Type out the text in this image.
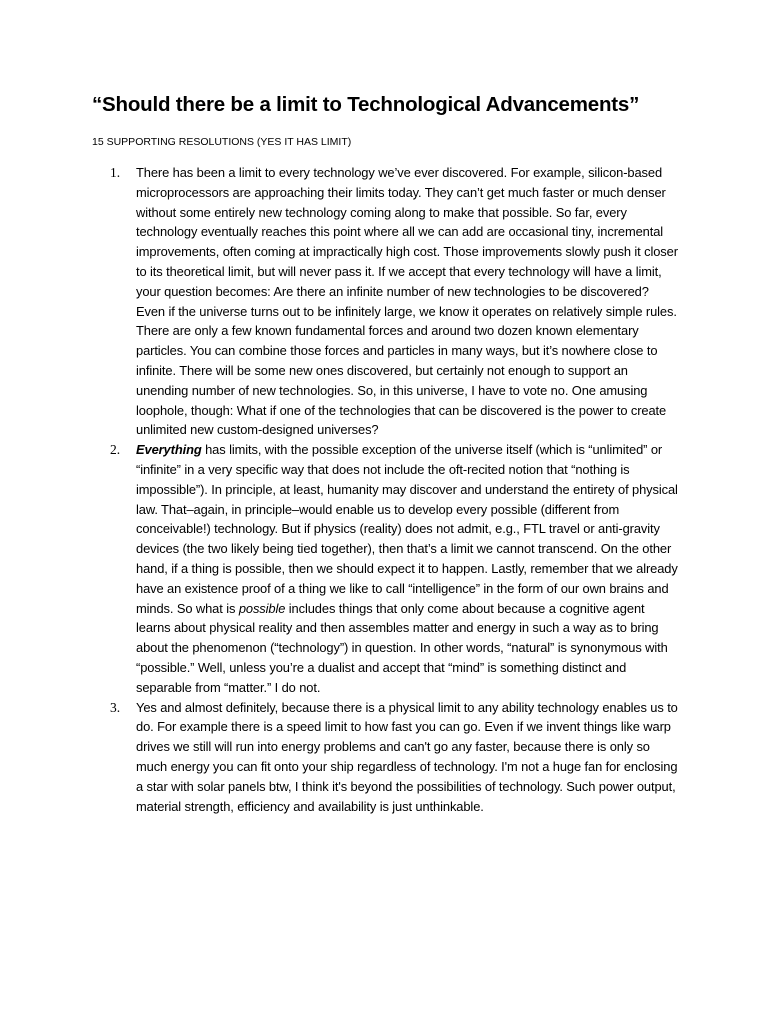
“Should there be a limit to Technological Advancements”

15 SUPPORTING RESOLUTIONS (YES IT HAS LIMIT)

1. There has been a limit to every technology we’ve ever discovered. For example, silicon-based microprocessors are approaching their limits today. They can’t get much faster or much denser without some entirely new technology coming along to make that possible. So far, every technology eventually reaches this point where all we can add are occasional tiny, incremental improvements, often coming at impractically high cost. Those improvements slowly push it closer to its theoretical limit, but will never pass it. If we accept that every technology will have a limit, your question becomes: Are there an infinite number of new technologies to be discovered? Even if the universe turns out to be infinitely large, we know it operates on relatively simple rules. There are only a few known fundamental forces and around two dozen known elementary particles. You can combine those forces and particles in many ways, but it’s nowhere close to infinite. There will be some new ones discovered, but certainly not enough to support an unending number of new technologies. So, in this universe, I have to vote no. One amusing loophole, though: What if one of the technologies that can be discovered is the power to create unlimited new custom-designed universes?

2. Everything has limits, with the possible exception of the universe itself (which is “unlimited” or “infinite” in a very specific way that does not include the oft-recited notion that “nothing is impossible”). In principle, at least, humanity may discover and understand the entirety of physical law. That–again, in principle–would enable us to develop every possible (different from conceivable!) technology. But if physics (reality) does not admit, e.g., FTL travel or anti-gravity devices (the two likely being tied together), then that’s a limit we cannot transcend. On the other hand, if a thing is possible, then we should expect it to happen. Lastly, remember that we already have an existence proof of a thing we like to call “intelligence” in the form of our own brains and minds. So what is possible includes things that only come about because a cognitive agent learns about physical reality and then assembles matter and energy in such a way as to bring about the phenomenon (“technology”) in question. In other words, “natural” is synonymous with “possible.” Well, unless you’re a dualist and accept that “mind” is something distinct and separable from “matter.” I do not.

3. Yes and almost definitely, because there is a physical limit to any ability technology enables us to do. For example there is a speed limit to how fast you can go. Even if we invent things like warp drives we still will run into energy problems and can't go any faster, because there is only so much energy you can fit onto your ship regardless of technology. I'm not a huge fan for enclosing a star with solar panels btw, I think it's beyond the possibilities of technology. Such power output, material strength, efficiency and availability is just unthinkable.
